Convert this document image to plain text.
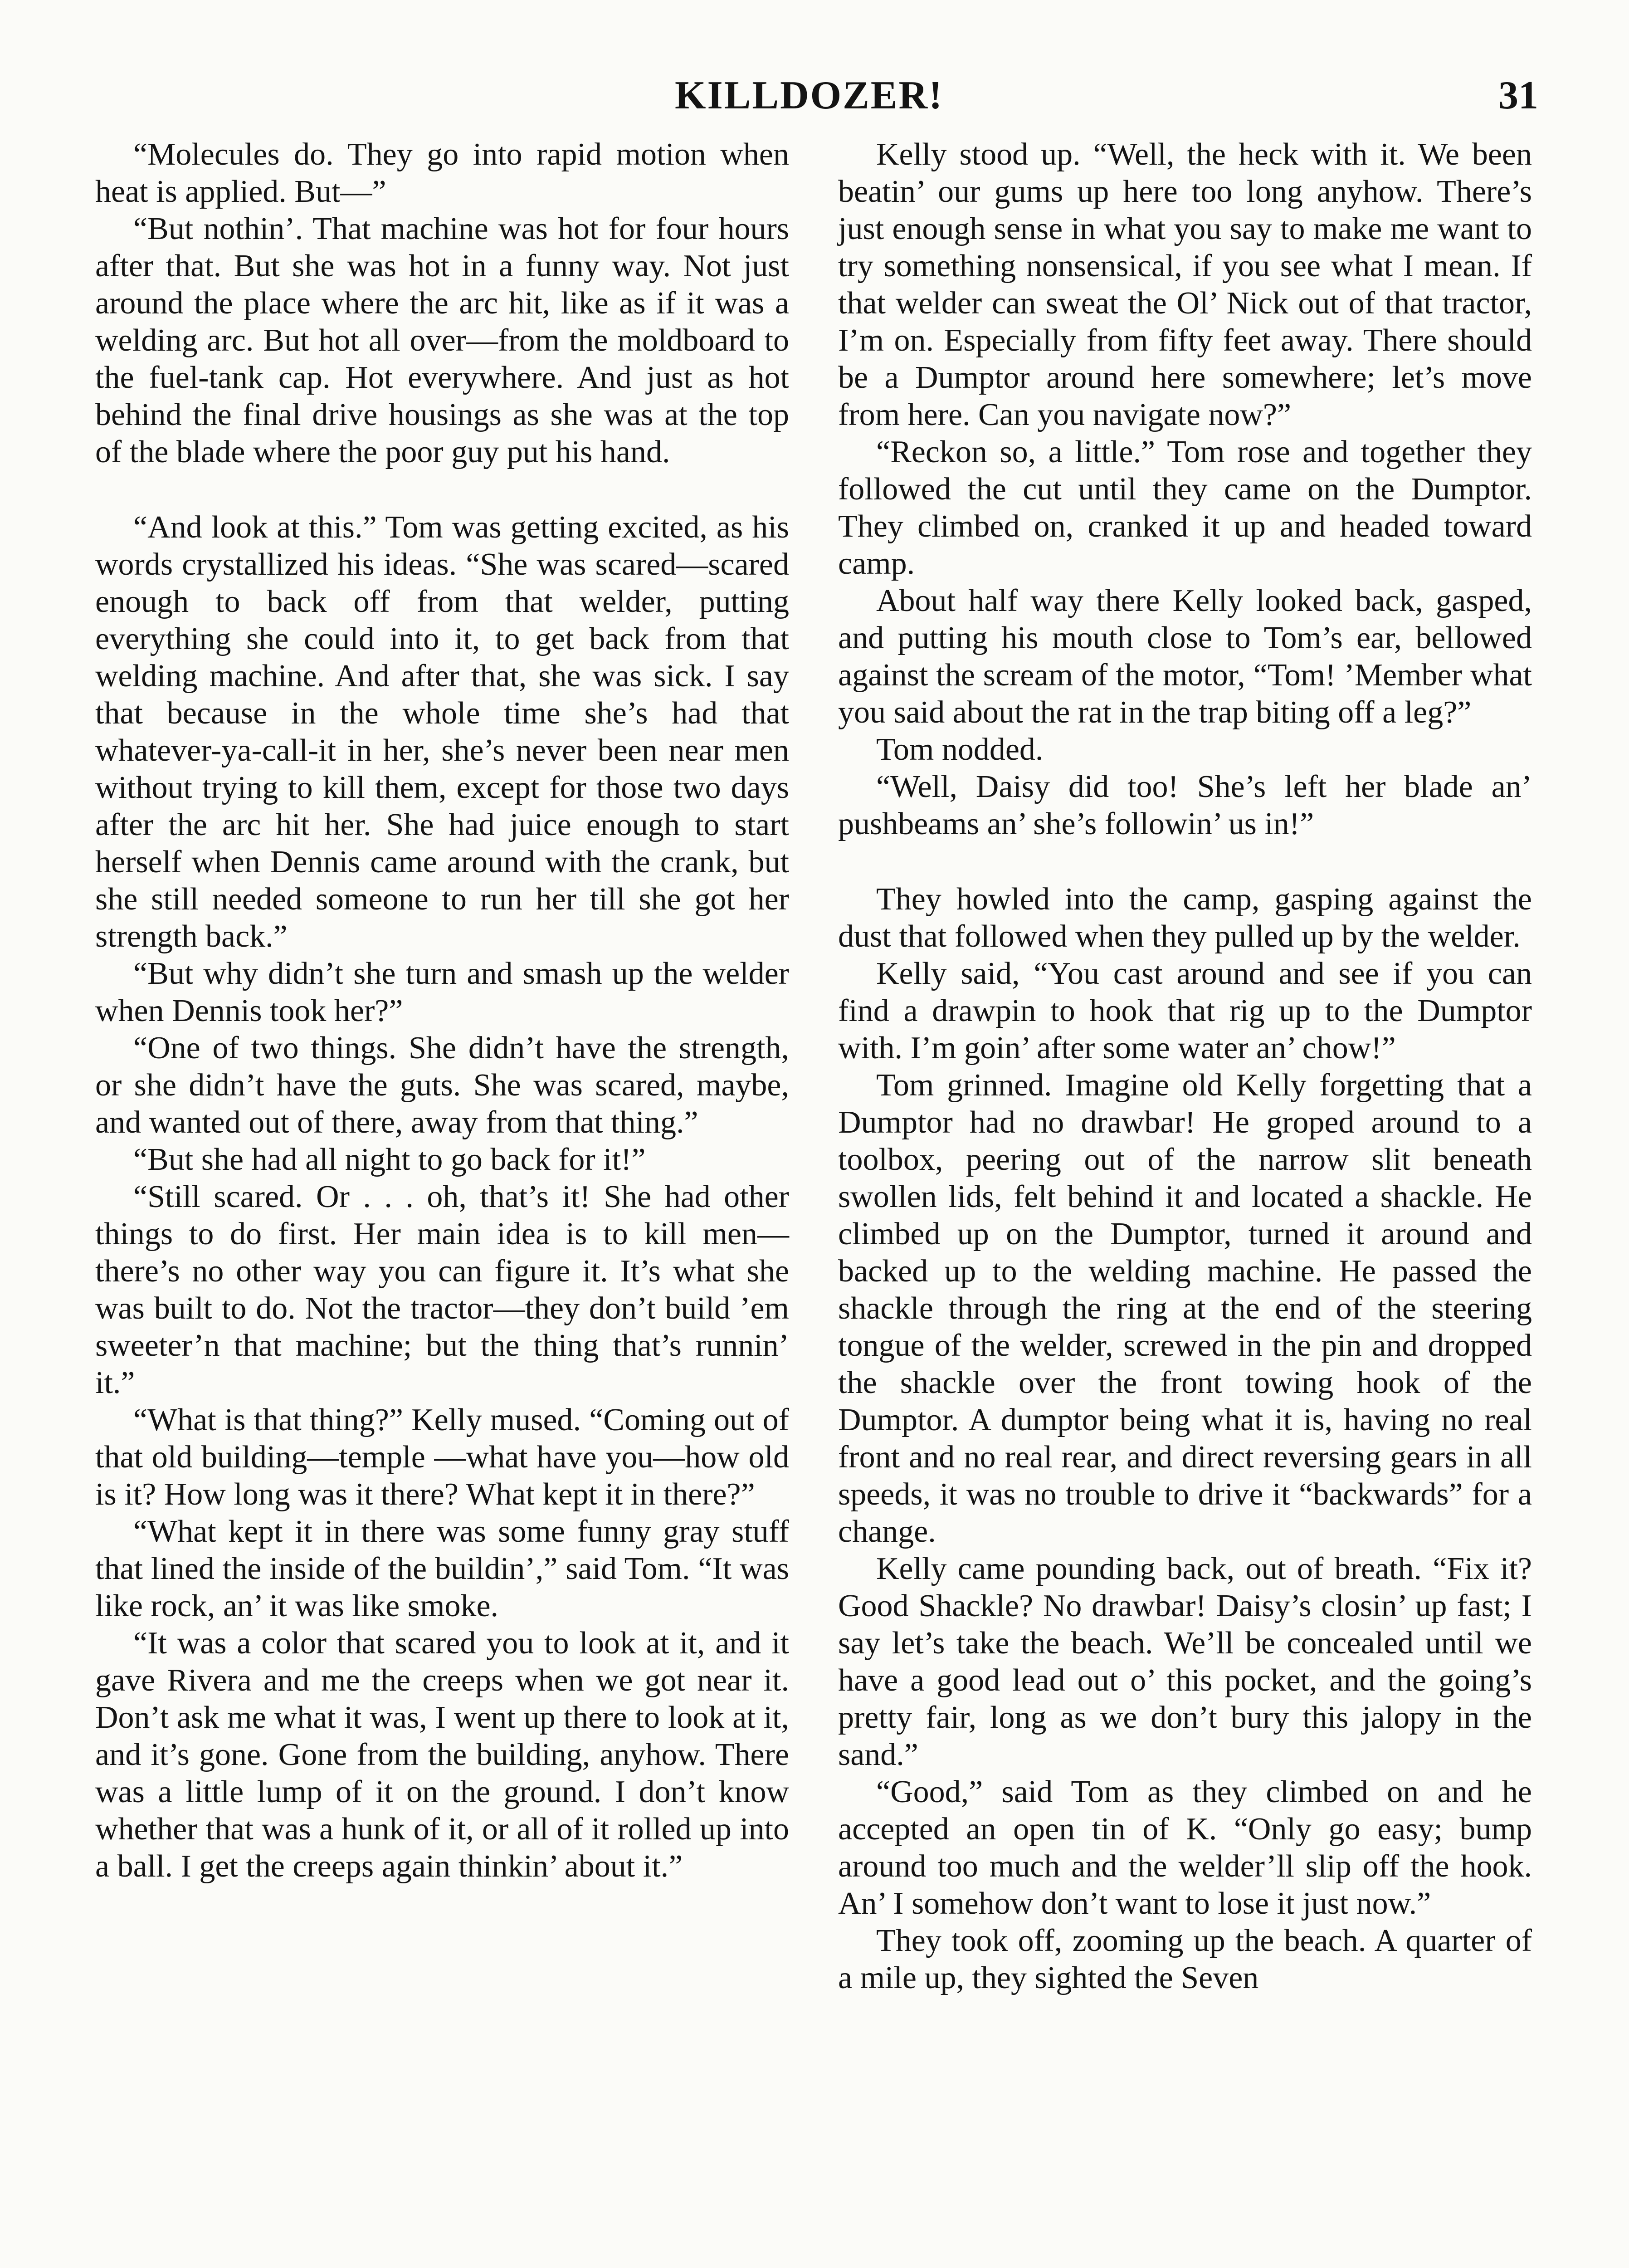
KILLDOZER!	31

“Molecules do. They go into rapid motion when heat is applied. But—”

“But nothin’. That machine was hot for four hours after that. But she was hot in a funny way. Not just around the place where the arc hit, like as if it was a welding arc. But hot all over—from the moldboard to the fuel-tank cap. Hot everywhere. And just as hot behind the final drive housings as she was at the top of the blade where the poor guy put his hand.

“And look at this.” Tom was getting excited, as his words crystallized his ideas. “She was scared—scared enough to back off from that welder, putting everything she could into it, to get back from that welding machine. And after that, she was sick. I say that because in the whole time she’s had that whatever-ya-call-it in her, she’s never been near men without trying to kill them, except for those two days after the arc hit her. She had juice enough to start herself when Dennis came around with the crank, but she still needed someone to run her till she got her strength back.”

“But why didn’t she turn and smash up the welder when Dennis took her?”

“One of two things. She didn’t have the strength, or she didn’t have the guts. She was scared, maybe, and wanted out of there, away from that thing.”

“But she had all night to go back for it!”

“Still scared. Or . . . oh, that’s it! She had other things to do first. Her main idea is to kill men—there’s no other way you can figure it. It’s what she was built to do. Not the tractor—they don’t build ’em sweeter’n that machine; but the thing that’s runnin’ it.”

“What is that thing?” Kelly mused. “Coming out of that old building—temple —what have you—how old is it? How long was it there? What kept it in there?”

“What kept it in there was some funny gray stuff that lined the inside of the buildin’,” said Tom. “It was like rock, an’ it was like smoke.

“It was a color that scared you to look at it, and it gave Rivera and me the creeps when we got near it. Don’t ask me what it was, I went up there to look at it, and it’s gone. Gone from the building, anyhow. There was a little lump of it on the ground. I don’t know whether that was a hunk of it, or all of it rolled up into a ball. I get the creeps again thinkin’ about it.”

Kelly stood up. “Well, the heck with it. We been beatin’ our gums up here too long anyhow. There’s just enough sense in what you say to make me want to try something nonsensical, if you see what I mean. If that welder can sweat the Ol’ Nick out of that tractor, I’m on. Especially from fifty feet away. There should be a Dumptor around here somewhere; let’s move from here. Can you navigate now?”

“Reckon so, a little.” Tom rose and together they followed the cut until they came on the Dumptor. They climbed on, cranked it up and headed toward camp.

About half way there Kelly looked back, gasped, and putting his mouth close to Tom’s ear, bellowed against the scream of the motor, “Tom! ’Member what you said about the rat in the trap biting off a leg?”

Tom nodded.

“Well, Daisy did too! She’s left her blade an’ pushbeams an’ she’s followin’ us in!”

They howled into the camp, gasping against the dust that followed when they pulled up by the welder.

Kelly said, “You cast around and see if you can find a drawpin to hook that rig up to the Dumptor with. I’m goin’ after some water an’ chow!”

Tom grinned. Imagine old Kelly forgetting that a Dumptor had no drawbar! He groped around to a toolbox, peering out of the narrow slit beneath swollen lids, felt behind it and located a shackle. He climbed up on the Dumptor, turned it around and backed up to the welding machine. He passed the shackle through the ring at the end of the steering tongue of the welder, screwed in the pin and dropped the shackle over the front towing hook of the Dumptor. A dumptor being what it is, having no real front and no real rear, and direct reversing gears in all speeds, it was no trouble to drive it “backwards” for a change.

Kelly came pounding back, out of breath. “Fix it? Good Shackle? No drawbar! Daisy’s closin’ up fast; I say let’s take the beach. We’ll be concealed until we have a good lead out o’ this pocket, and the going’s pretty fair, long as we don’t bury this jalopy in the sand.”

“Good,” said Tom as they climbed on and he accepted an open tin of K. “Only go easy; bump around too much and the welder’ll slip off the hook. An’ I somehow don’t want to lose it just now.”

They took off, zooming up the beach. A quarter of a mile up, they sighted the Seven
